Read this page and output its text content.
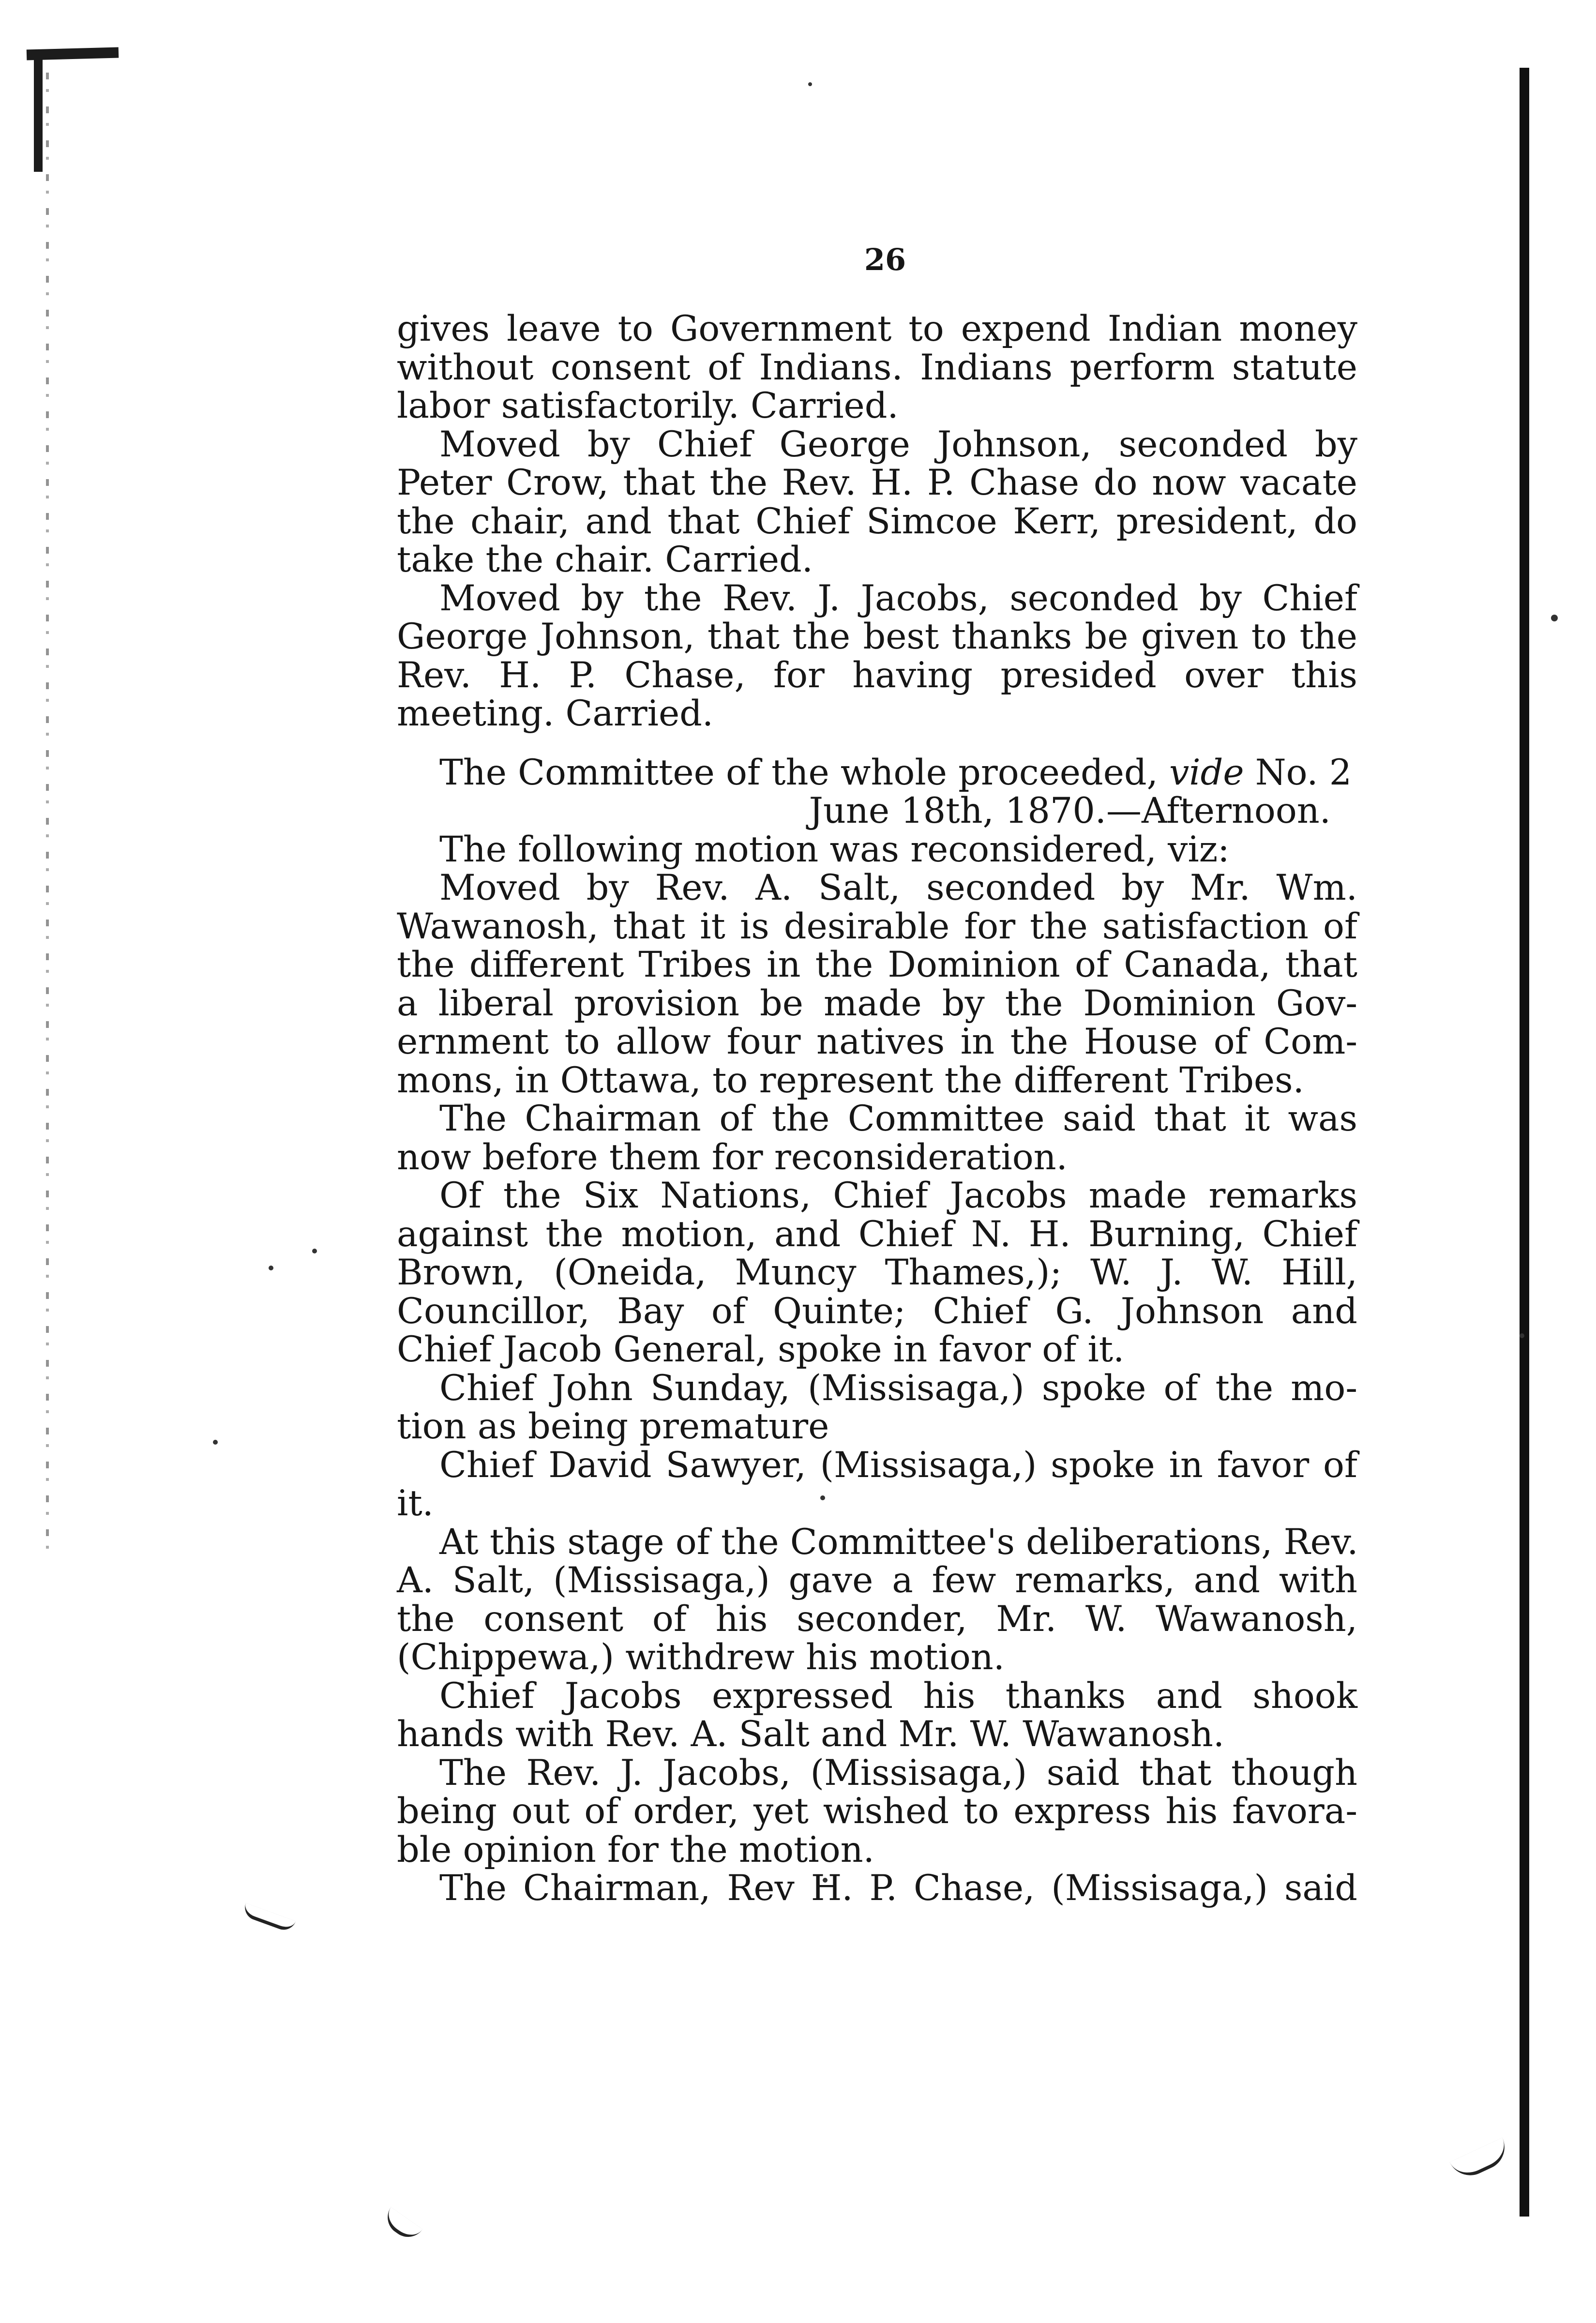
26
gives leave to Government to expend Indian money
without consent of Indians. Indians perform statute
labor satisfactorily. Carried.
Moved by Chief George Johnson, seconded by
Peter Crow, that the Rev. H. P. Chase do now vacate
the chair, and that Chief Simcoe Kerr, president, do
take the chair. Carried.
Moved by the Rev. J. Jacobs, seconded by Chief
George Johnson, that the best thanks be given to the
Rev. H. P. Chase, for having presided over this
meeting. Carried.
The Committee of the whole proceeded, vide No. 2
June 18th, 1870.—Afternoon.
The following motion was reconsidered, viz:
Moved by Rev. A. Salt, seconded by Mr. Wm.
Wawanosh, that it is desirable for the satisfaction of
the different Tribes in the Dominion of Canada, that
a liberal provision be made by the Dominion Gov-
ernment to allow four natives in the House of Com-
mons, in Ottawa, to represent the different Tribes.
The Chairman of the Committee said that it was
now before them for reconsideration.
Of the Six Nations, Chief Jacobs made remarks
against the motion, and Chief N. H. Burning, Chief
Brown, (Oneida, Muncy Thames,); W. J. W. Hill,
Councillor, Bay of Quinte; Chief G. Johnson and
Chief Jacob General, spoke in favor of it.
Chief John Sunday, (Missisaga,) spoke of the mo-
tion as being premature
Chief David Sawyer, (Missisaga,) spoke in favor of
it.
At this stage of the Committee's deliberations, Rev.
A. Salt, (Missisaga,) gave a few remarks, and with
the consent of his seconder, Mr. W. Wawanosh,
(Chippewa,) withdrew his motion.
Chief Jacobs expressed his thanks and shook
hands with Rev. A. Salt and Mr. W. Wawanosh.
The Rev. J. Jacobs, (Missisaga,) said that though
being out of order, yet wished to express his favora-
ble opinion for the motion.
The Chairman, Rev H. P. Chase, (Missisaga,) said
